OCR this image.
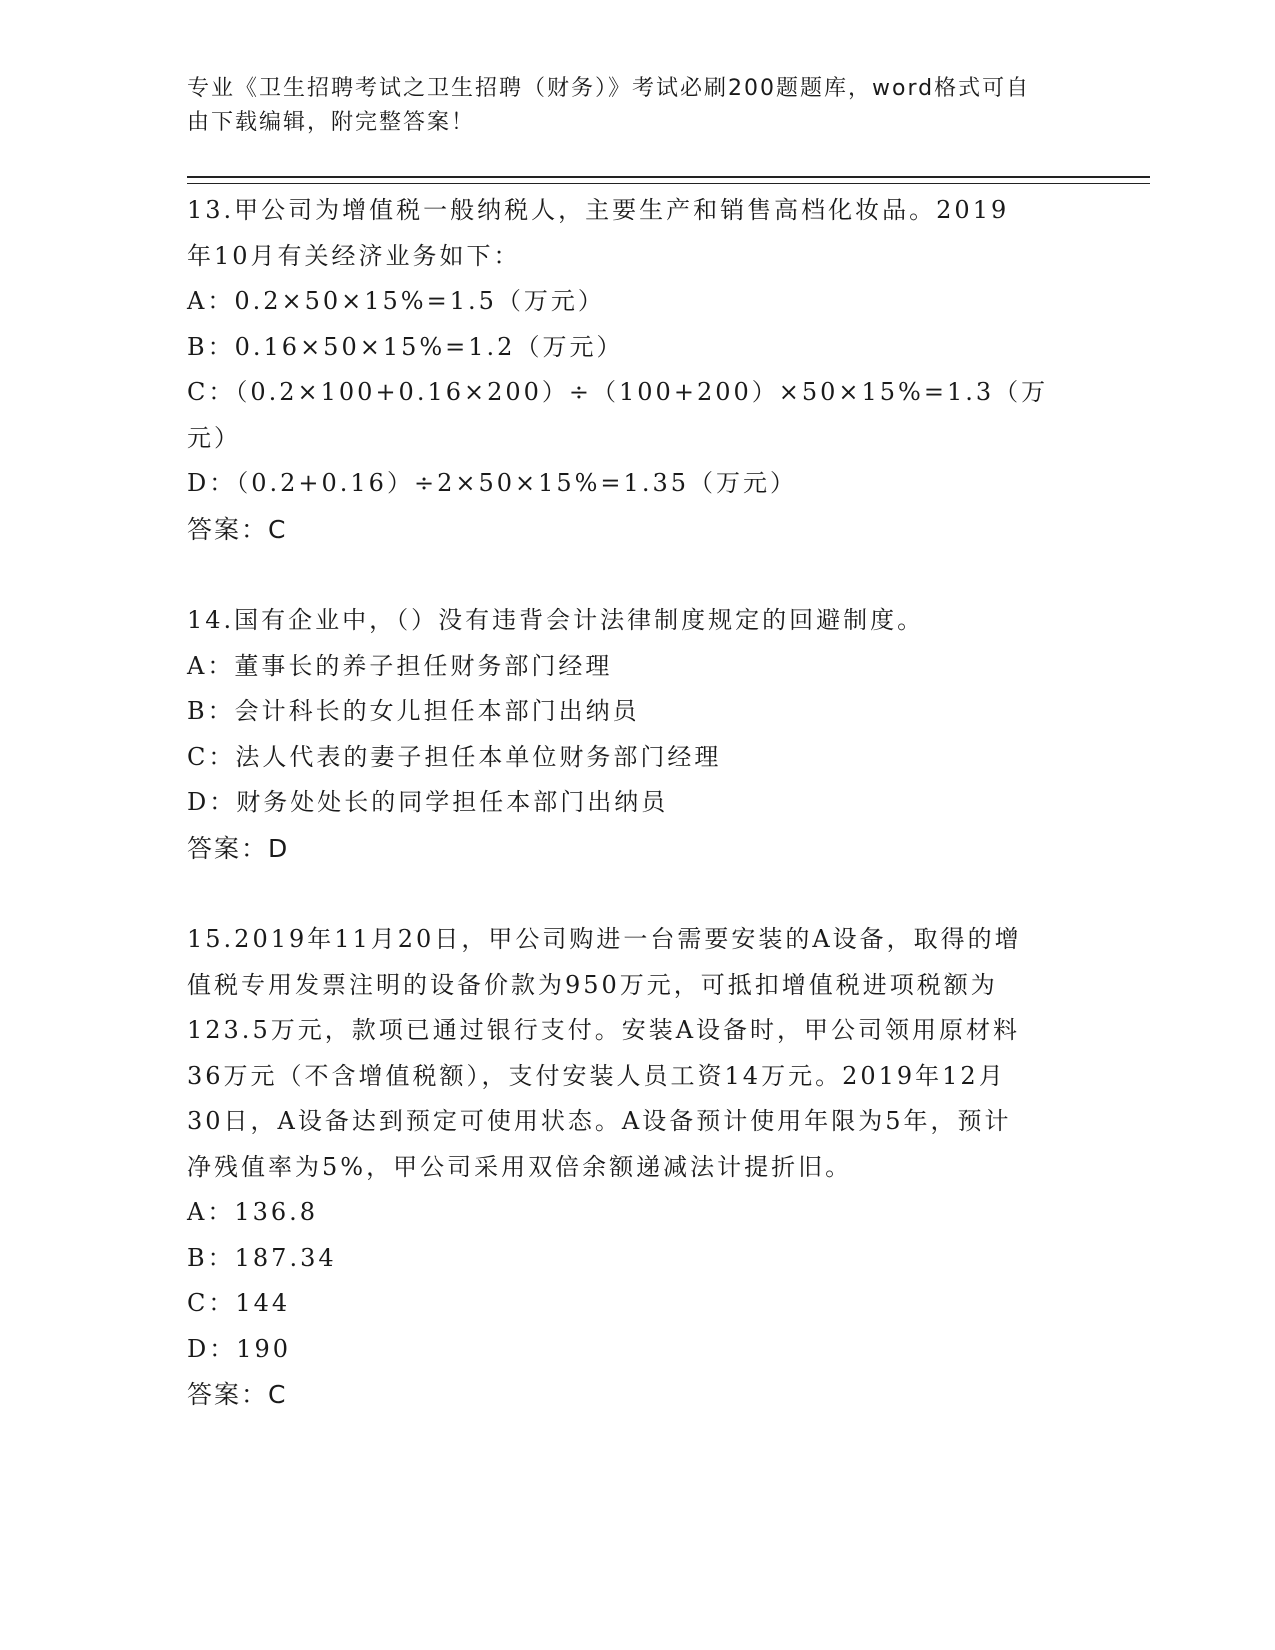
专业《卫生招聘考试之卫生招聘（财务）》考试必刷200题题库，word格式可自
由下载编辑，附完整答案！
13.甲公司为增值税一般纳税人，主要生产和销售高档化妆品。2019
年10月有关经济业务如下：
A：0.2×50×15%=1.5（万元）
B：0.16×50×15%=1.2（万元）
C：（0.2×100+0.16×200）÷（100+200）×50×15%=1.3（万元）
D：（0.2+0.16）÷2×50×15%=1.35（万元）
答案：C
14.国有企业中，（）没有违背会计法律制度规定的回避制度。
A：董事长的养子担任财务部门经理
B：会计科长的女儿担任本部门出纳员
C：法人代表的妻子担任本单位财务部门经理
D：财务处处长的同学担任本部门出纳员
答案：D
15.2019年11月20日，甲公司购进一台需要安装的A设备，取得的增
值税专用发票注明的设备价款为950万元，可抵扣增值税进项税额为
123.5万元，款项已通过银行支付。安装A设备时，甲公司领用原材料
36万元（不含增值税额），支付安装人员工资14万元。2019年12月
30日，A设备达到预定可使用状态。A设备预计使用年限为5年，预计
净残值率为5%，甲公司采用双倍余额递减法计提折旧。
A：136.8
B：187.34
C：144
D：190
答案：C
